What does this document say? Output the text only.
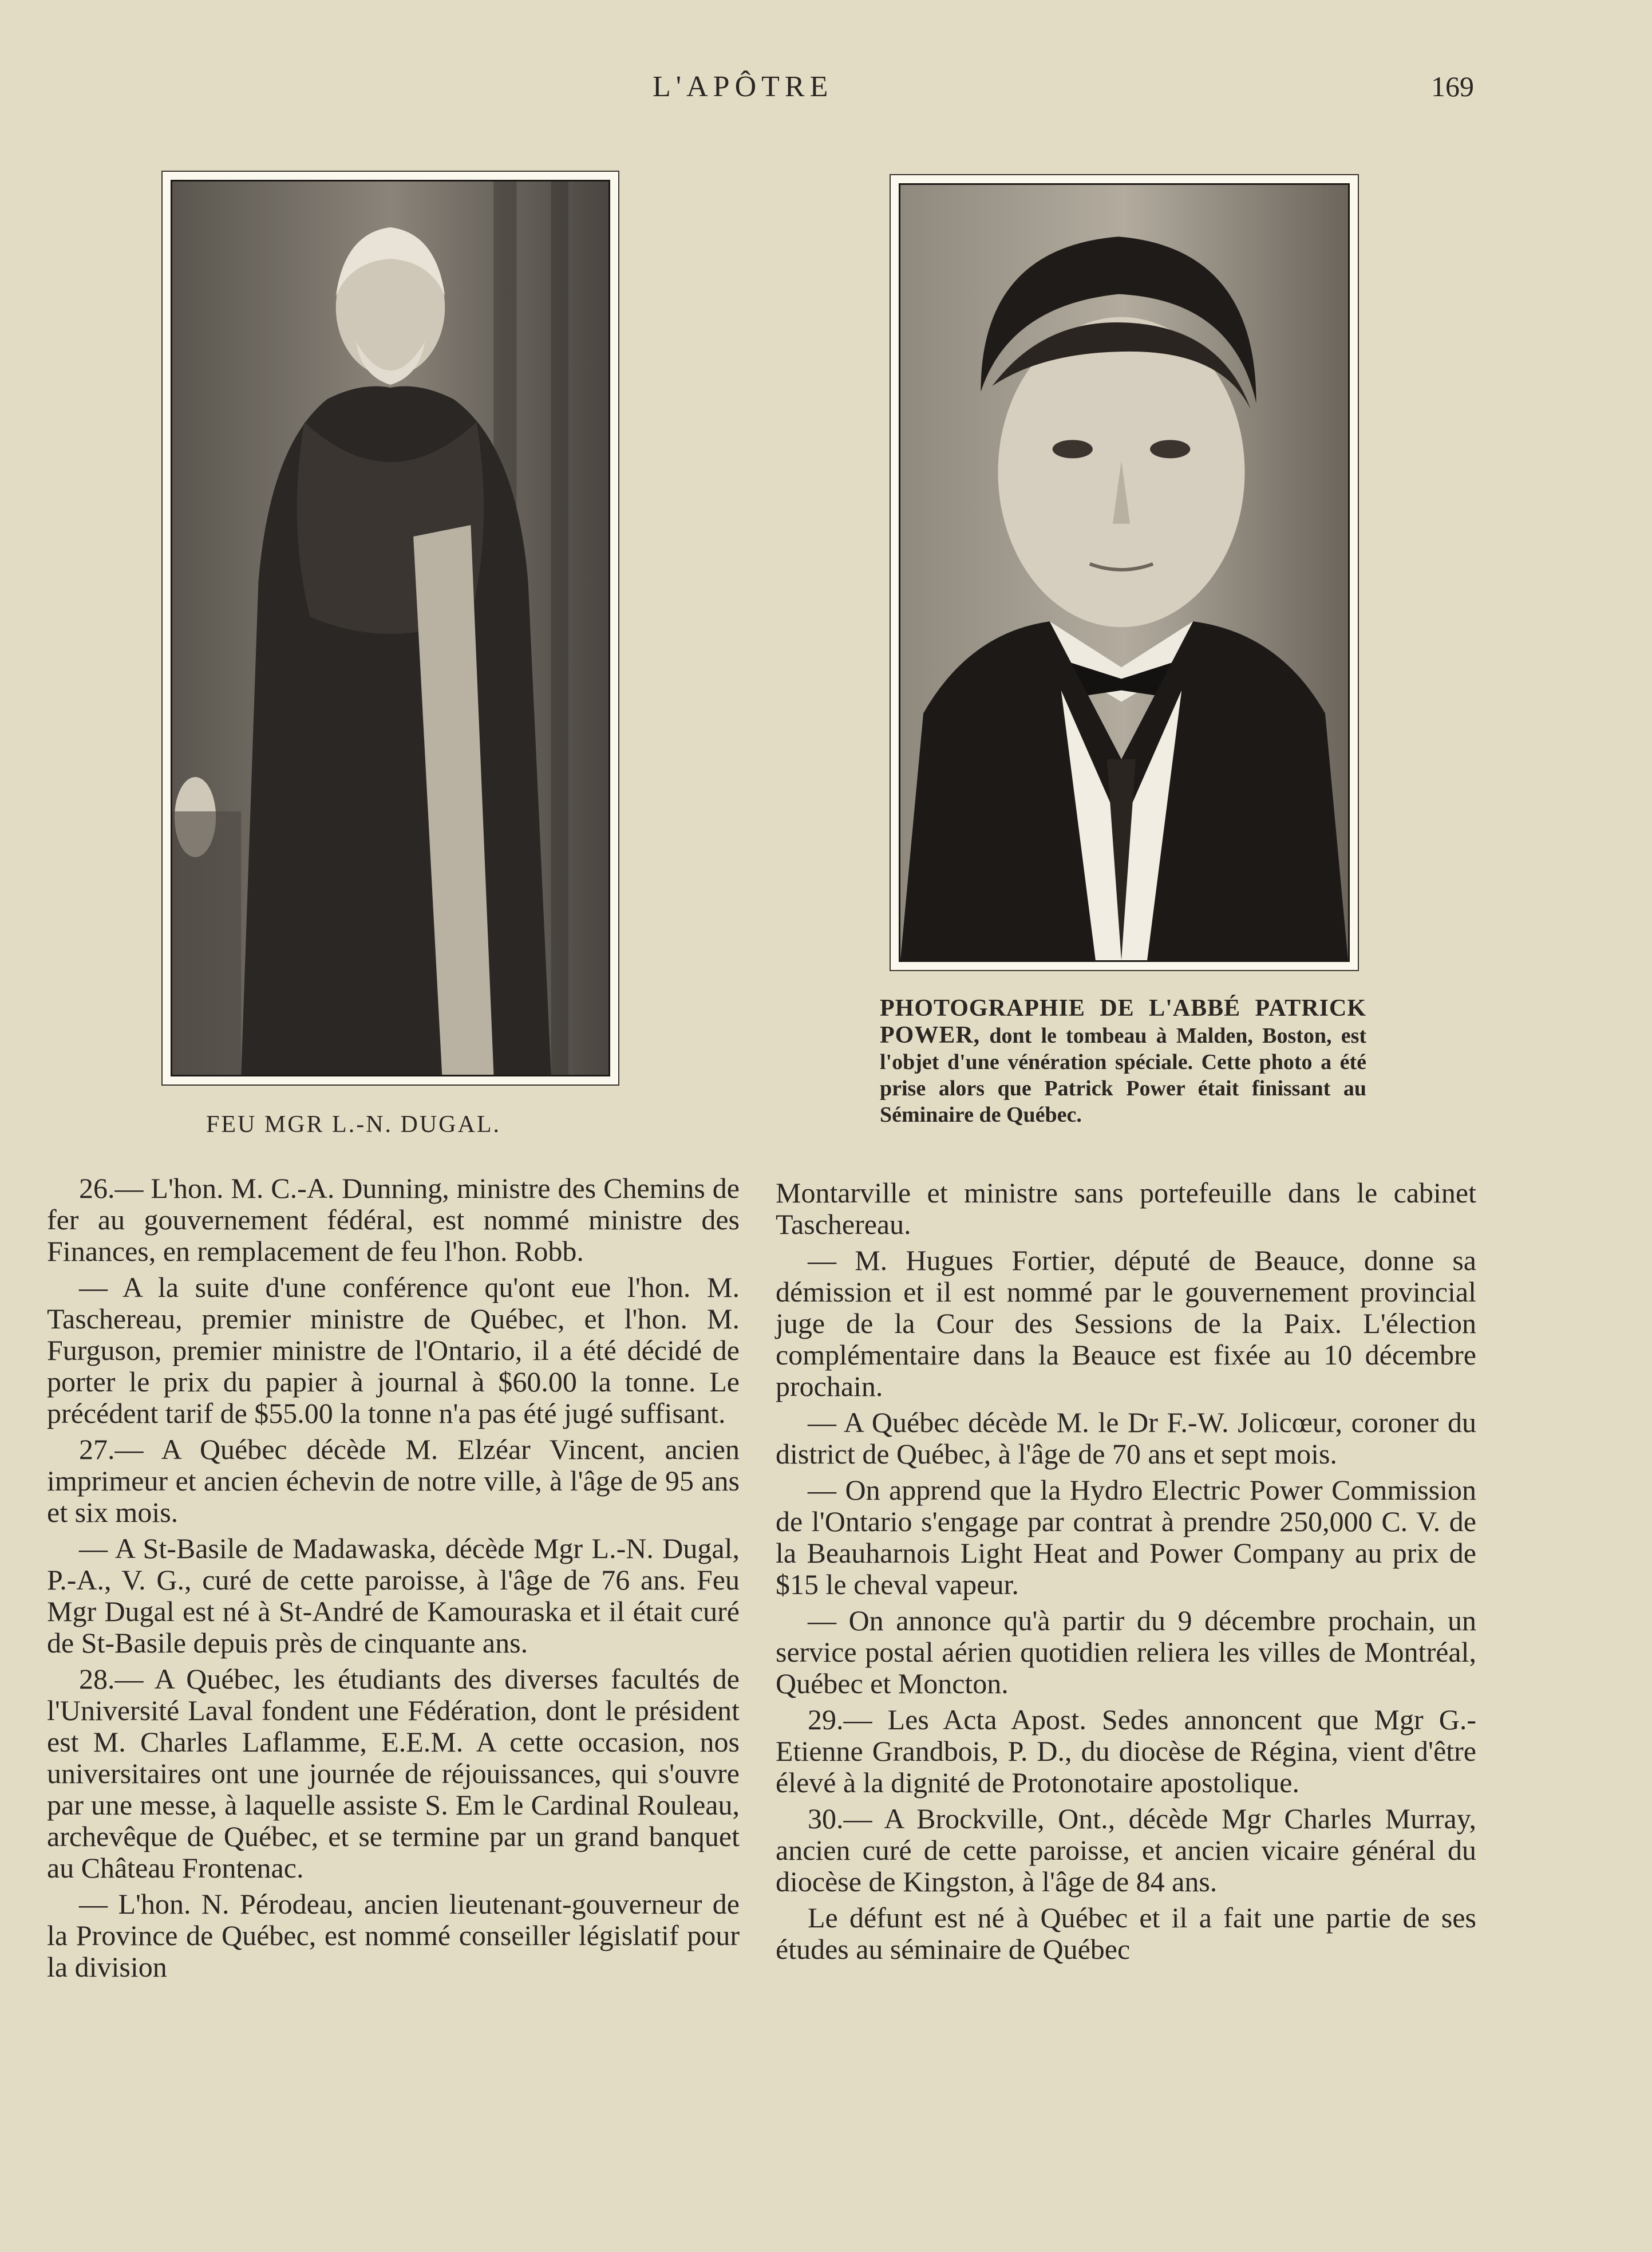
L'APÔTRE	169
FEU MGR L.-N. DUGAL.
PHOTOGRAPHIE DE L'ABBÉ PATRICK POWER, dont le tombeau à Malden, Boston, est l'objet d'une vénération spéciale. Cette photo a été prise alors que Patrick Power était finissant au Séminaire de Québec.

26.— L'hon. M. C.-A. Dunning, ministre des Chemins de fer au gouvernement fédéral, est nommé ministre des Finances, en remplacement de feu l'hon. Robb.

— A la suite d'une conférence qu'ont eue l'hon. M. Taschereau, premier ministre de Québec, et l'hon. M. Furguson, premier ministre de l'Ontario, il a été décidé de porter le prix du papier à journal à $60.00 la tonne. Le précédent tarif de $55.00 la tonne n'a pas été jugé suffisant.

27.— A Québec décède M. Elzéar Vincent, ancien imprimeur et ancien échevin de notre ville, à l'âge de 95 ans et six mois.

— A St-Basile de Madawaska, décède Mgr L.-N. Dugal, P.-A., V. G., curé de cette paroisse, à l'âge de 76 ans. Feu Mgr Dugal est né à St-André de Kamouraska et il était curé de St-Basile depuis près de cinquante ans.

28.— A Québec, les étudiants des diverses facultés de l'Université Laval fondent une Fédération, dont le président est M. Charles Laflamme, E.E.M. A cette occasion, nos universitaires ont une journée de réjouissances, qui s'ouvre par une messe, à laquelle assiste S. Em le Cardinal Rouleau, archevêque de Québec, et se termine par un grand banquet au Château Frontenac.

— L'hon. N. Pérodeau, ancien lieutenant-gouverneur de la Province de Québec, est nommé conseiller législatif pour la division

Montarville et ministre sans portefeuille dans le cabinet Taschereau.

— M. Hugues Fortier, député de Beauce, donne sa démission et il est nommé par le gouvernement provincial juge de la Cour des Sessions de la Paix. L'élection complémentaire dans la Beauce est fixée au 10 décembre prochain.

— A Québec décède M. le Dr F.-W. Jolicœur, coroner du district de Québec, à l'âge de 70 ans et sept mois.

— On apprend que la Hydro Electric Power Commission de l'Ontario s'engage par contrat à prendre 250,000 C. V. de la Beauharnois Light Heat and Power Company au prix de $15 le cheval vapeur.

— On annonce qu'à partir du 9 décembre prochain, un service postal aérien quotidien reliera les villes de Montréal, Québec et Moncton.

29.— Les Acta Apost. Sedes annoncent que Mgr G.-Etienne Grandbois, P. D., du diocèse de Régina, vient d'être élevé à la dignité de Protonotaire apostolique.

30.— A Brockville, Ont., décède Mgr Charles Murray, ancien curé de cette paroisse, et ancien vicaire général du diocèse de Kingston, à l'âge de 84 ans.

Le défunt est né à Québec et il a fait une partie de ses études au séminaire de Québec
